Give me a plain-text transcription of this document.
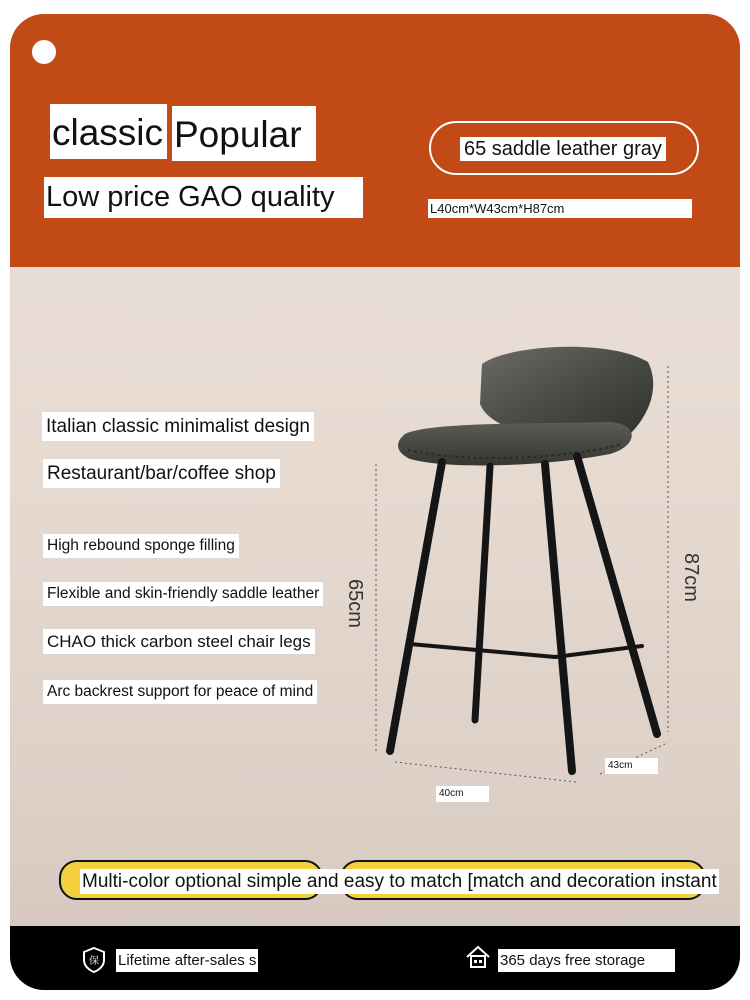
classic Popular
Low price GAO quality
65 saddle leather gray
L40cm*W43cm*H87cm
Italian classic minimalist design
Restaurant/bar/coffee shop
High rebound sponge filling
Flexible and skin-friendly saddle leather
CHAO thick carbon steel chair legs
Arc backrest support for peace of mind
65cm
87cm
43cm
40cm
Multi-color optional simple and easy to match [match and decoration instant
保 Lifetime after-sales s	365 days free storage
